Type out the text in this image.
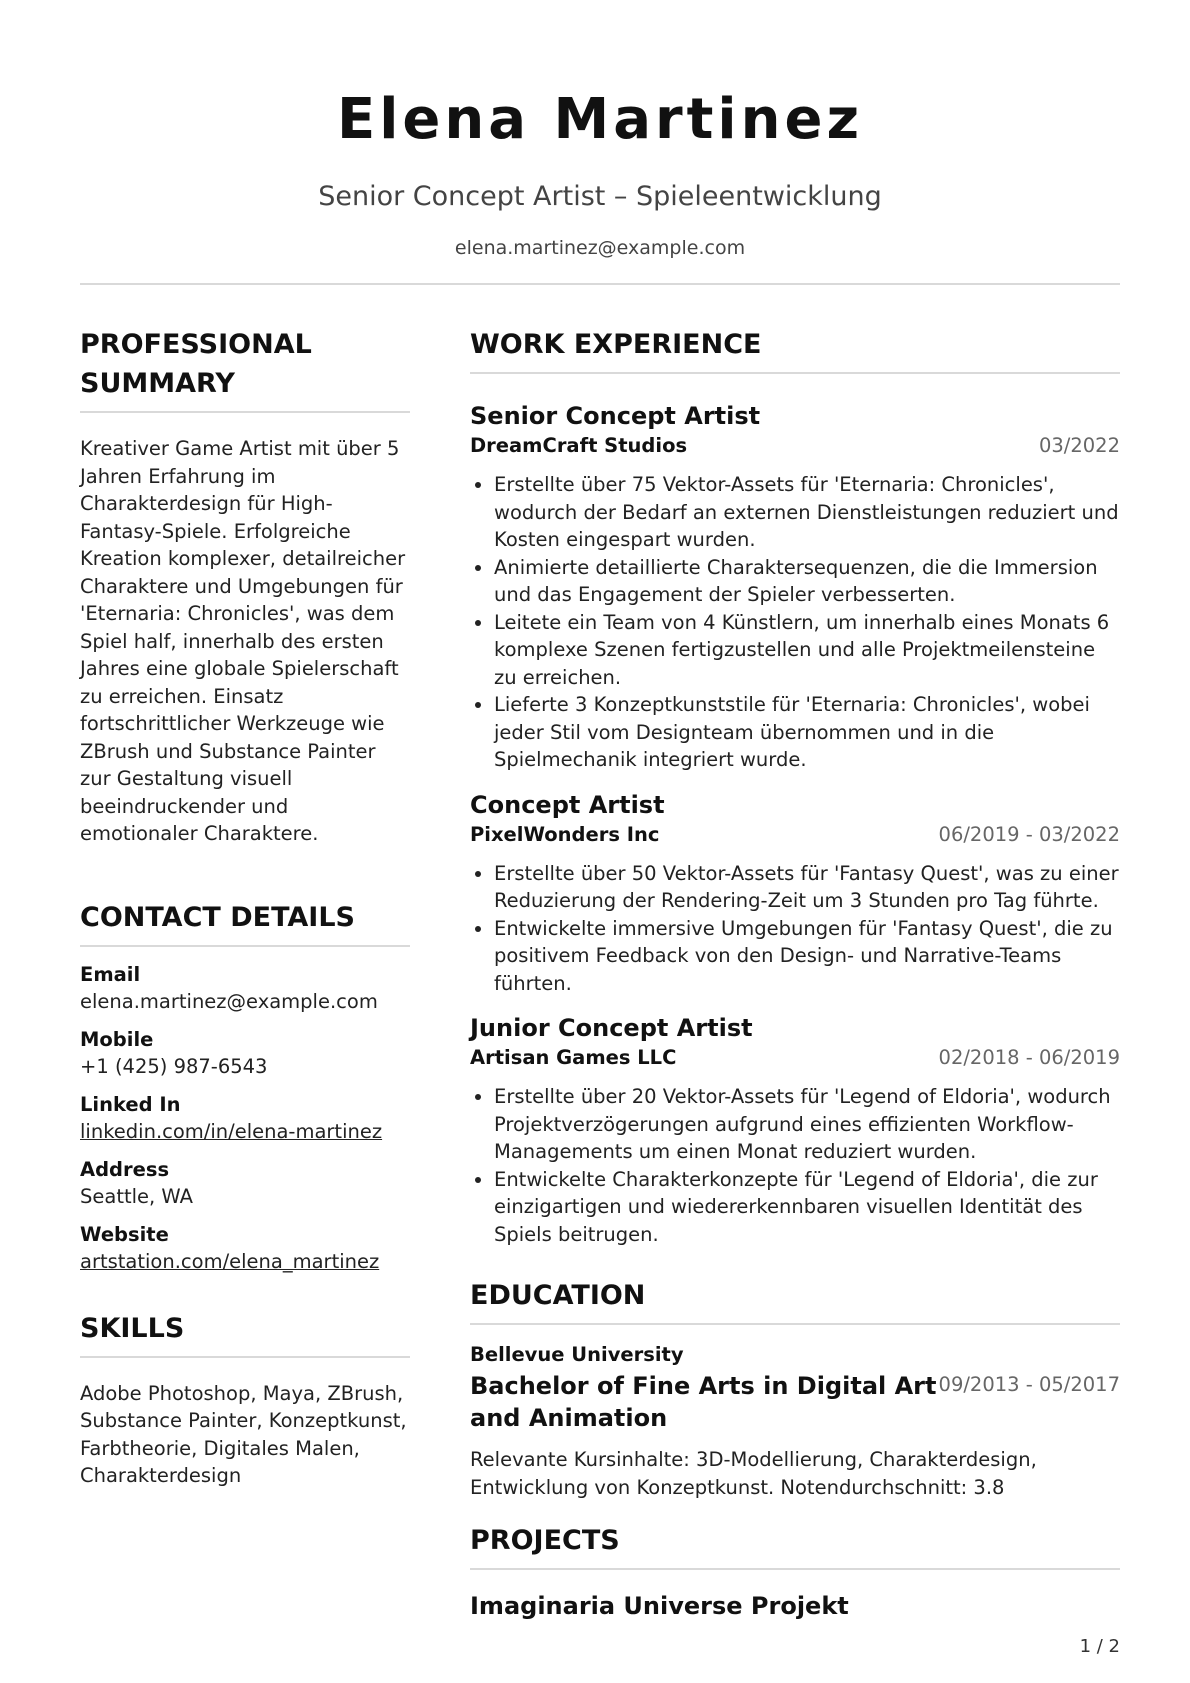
Elena Martinez
Senior Concept Artist – Spieleentwicklung
elena.martinez@example.com
PROFESSIONAL SUMMARY
Kreativer Game Artist mit über 5 Jahren Erfahrung im Charakterdesign für High-Fantasy-Spiele. Erfolgreiche Kreation komplexer, detailreicher Charaktere und Umgebungen für 'Eternaria: Chronicles', was dem Spiel half, innerhalb des ersten Jahres eine globale Spielerschaft zu erreichen. Einsatz fortschrittlicher Werkzeuge wie ZBrush und Substance Painter zur Gestaltung visuell beeindruckender und emotionaler Charaktere.
CONTACT DETAILS
Email
elena.martinez@example.com
Mobile
+1 (425) 987-6543
Linked In
linkedin.com/in/elena-martinez
Address
Seattle, WA
Website
artstation.com/elena_martinez
SKILLS
Adobe Photoshop, Maya, ZBrush, Substance Painter, Konzeptkunst, Farbtheorie, Digitales Malen, Charakterdesign
WORK EXPERIENCE
Senior Concept Artist
DreamCraft Studios	03/2022
• Erstellte über 75 Vektor-Assets für 'Eternaria: Chronicles', wodurch der Bedarf an externen Dienstleistungen reduziert und Kosten eingespart wurden.
• Animierte detaillierte Charaktersequenzen, die die Immersion und das Engagement der Spieler verbesserten.
• Leitete ein Team von 4 Künstlern, um innerhalb eines Monats 6 komplexe Szenen fertigzustellen und alle Projektmeilensteine zu erreichen.
• Lieferte 3 Konzeptkunststile für 'Eternaria: Chronicles', wobei jeder Stil vom Designteam übernommen und in die Spielmechanik integriert wurde.
Concept Artist
PixelWonders Inc	06/2019 - 03/2022
• Erstellte über 50 Vektor-Assets für 'Fantasy Quest', was zu einer Reduzierung der Rendering-Zeit um 3 Stunden pro Tag führte.
• Entwickelte immersive Umgebungen für 'Fantasy Quest', die zu positivem Feedback von den Design- und Narrative-Teams führten.
Junior Concept Artist
Artisan Games LLC	02/2018 - 06/2019
• Erstellte über 20 Vektor-Assets für 'Legend of Eldoria', wodurch Projektverzögerungen aufgrund eines effizienten Workflow-Managements um einen Monat reduziert wurden.
• Entwickelte Charakterkonzepte für 'Legend of Eldoria', die zur einzigartigen und wiedererkennbaren visuellen Identität des Spiels beitrugen.
EDUCATION
Bellevue University
Bachelor of Fine Arts in Digital Art and Animation
09/2013 - 05/2017
Relevante Kursinhalte: 3D-Modellierung, Charakterdesign, Entwicklung von Konzeptkunst. Notendurchschnitt: 3.8
PROJECTS
Imaginaria Universe Projekt
1 / 2
